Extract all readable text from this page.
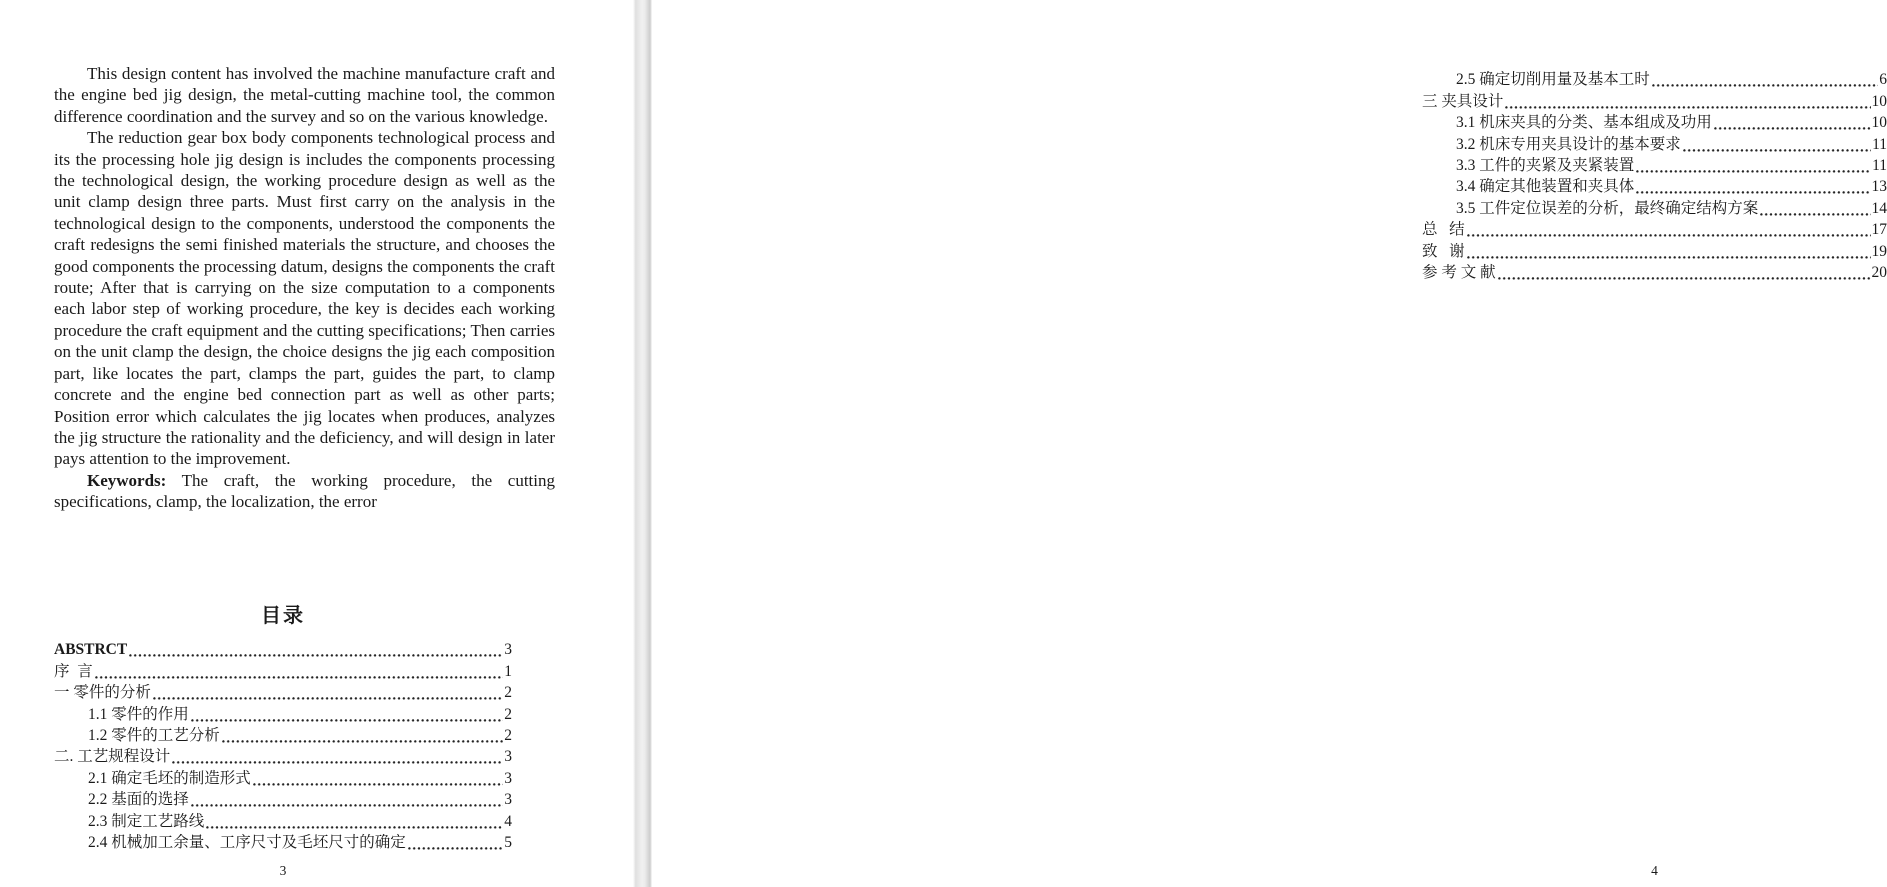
This design content has involved the machine manufacture craft and the engine bed jig design, the metal-cutting machine tool, the common difference coordination and the survey and so on the various knowledge.

The reduction gear box body components technological process and its the processing hole jig design is includes the components processing the technological design, the working procedure design as well as the unit clamp design three parts. Must first carry on the analysis in the technological design to the components, understood the components the craft redesigns the semi finished materials the structure, and chooses the good components the processing datum, designs the components the craft route; After that is carrying on the size computation to a components each labor step of working procedure, the key is decides each working procedure the craft equipment and the cutting specifications; Then carries on the unit clamp the design, the choice designs the jig each composition part, like locates the part, clamps the part, guides the part, to clamp concrete and the engine bed connection part as well as other parts; Position error which calculates the jig locates when produces, analyzes the jig structure the rationality and the deficiency, and will design in later pays attention to the improvement.

Keywords: The craft, the working procedure, the cutting specifications, clamp, the localization, the error

目录
ABSTRCT	3
序  言	1
一 零件的分析	2
1.1 零件的作用	2
1.2 零件的工艺分析	2
二. 工艺规程设计	3
2.1 确定毛坯的制造形式	3
2.2 基面的选择	3
2.3 制定工艺路线	4
2.4 机械加工余量、工序尺寸及毛坯尺寸的确定	5
3
2.5 确定切削用量及基本工时	6
三 夹具设计	10
3.1 机床夹具的分类、基本组成及功用	10
3.2 机床专用夹具设计的基本要求	11
3.3 工件的夹紧及夹紧装置	11
3.4 确定其他装置和夹具体	13
3.5 工件定位误差的分析，最终确定结构方案	14
总   结	17
致   谢	19
参 考 文 献	20
4
